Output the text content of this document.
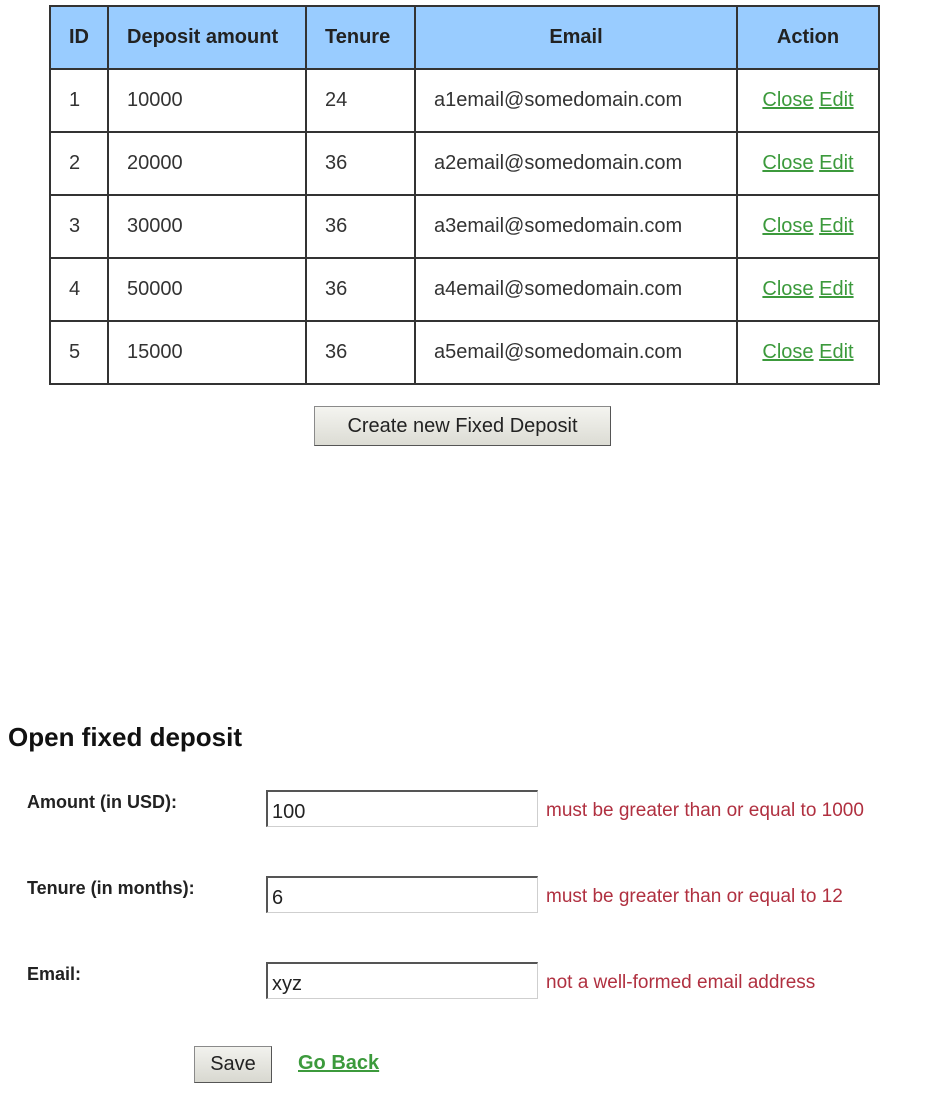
ID	Deposit amount	Tenure	Email	Action
1	10000	24	a1email@somedomain.com	Close Edit
2	20000	36	a2email@somedomain.com	Close Edit
3	30000	36	a3email@somedomain.com	Close Edit
4	50000	36	a4email@somedomain.com	Close Edit
5	15000	36	a5email@somedomain.com	Close Edit
Create new Fixed Deposit
Open fixed deposit
Amount (in USD):
100	must be greater than or equal to 1000
Tenure (in months):
6	must be greater than or equal to 12
Email:
xyz	not a well-formed email address
Save	Go Back
